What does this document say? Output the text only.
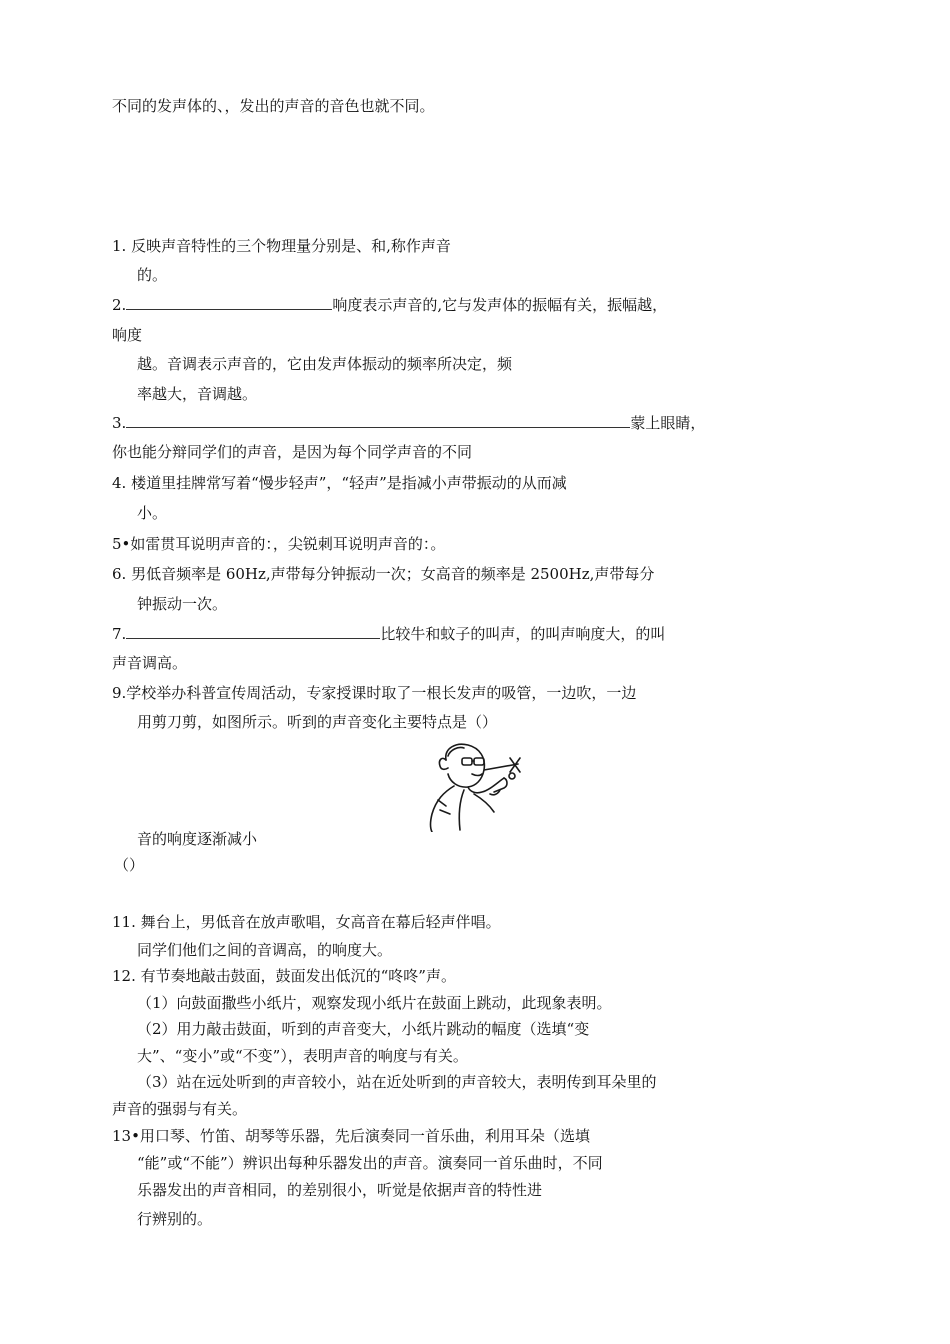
不同的发声体的、，发出的声音的音色也就不同。
1. 反映声音特性的三个物理量分别是、和,称作声音
的。
2.	响度表示声音的,它与发声体的振幅有关，振幅越，
响度
越。音调表示声音的，它由发声体振动的频率所决定，频
率越大，音调越。
3.	蒙上眼睛，
你也能分辩同学们的声音，是因为每个同学声音的不同
4. 楼道里挂牌常写着“慢步轻声”，“轻声”是指减小声带振动的从而减
小。
5•如雷贯耳说明声音的：，尖锐刺耳说明声音的：。
6. 男低音频率是 60Hz,声带每分钟振动一次；女高音的频率是 2500Hz,声带每分
钟振动一次。
7.	比较牛和蚊子的叫声，的叫声响度大，的叫
声音调高。
9.学校举办科普宣传周活动，专家授课时取了一根长发声的吸管，一边吹，一边
用剪刀剪，如图所示。听到的声音变化主要特点是（）
音的响度逐渐减小
（）
11. 舞台上，男低音在放声歌唱，女高音在幕后轻声伴唱。
同学们他们之间的音调高，的响度大。
12. 有节奏地敲击鼓面，鼓面发出低沉的“咚咚”声。
（1）向鼓面撒些小纸片，观察发现小纸片在鼓面上跳动，此现象表明。
（2）用力敲击鼓面，听到的声音变大，小纸片跳动的幅度（选填“变
大”、“变小”或“不变”），表明声音的响度与有关。
（3）站在远处听到的声音较小，站在近处听到的声音较大，表明传到耳朵里的
声音的强弱与有关。
13•用口琴、竹笛、胡琴等乐器，先后演奏同一首乐曲，利用耳朵（选填
“能”或“不能”）辨识出每种乐器发出的声音。演奏同一首乐曲时，不同
乐器发出的声音相同，的差别很小，听觉是依据声音的特性进
行辨别的。
